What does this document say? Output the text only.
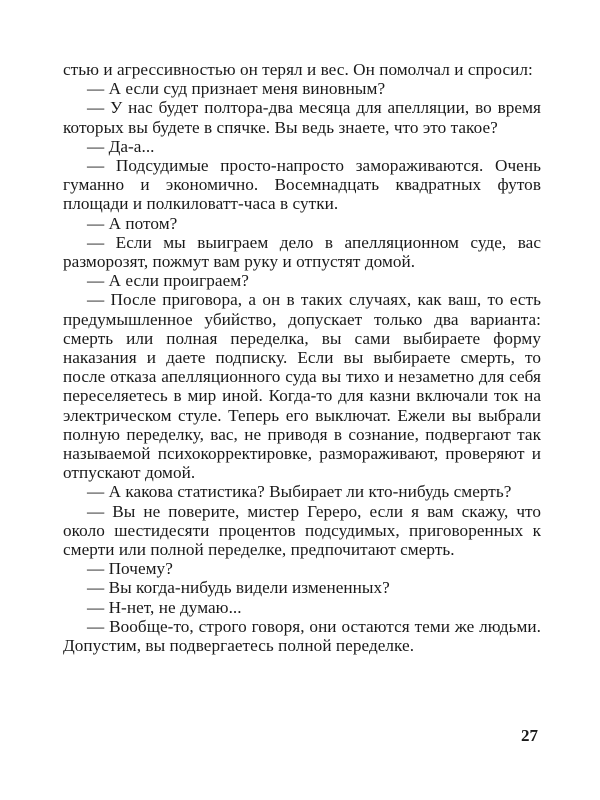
стью и агрессивностью он терял и вес. Он помолчал и спросил:

— А если суд признает меня виновным?

— У нас будет полтора-два месяца для апелляции, во время которых вы будете в спячке. Вы ведь знаете, что это такое?

— Да-а...

— Подсудимые просто-напросто замораживаются. Очень гуманно и экономично. Восемнадцать квадратных футов площади и полкиловатт-часа в сутки.

— А потом?

— Если мы выиграем дело в апелляционном суде, вас разморозят, пожмут вам руку и отпустят домой.

— А если проиграем?

— После приговора, а он в таких случаях, как ваш, то есть предумышленное убийство, допускает только два варианта: смерть или полная переделка, вы сами выбираете форму наказания и даете подписку. Если вы выбираете смерть, то после отказа апелляционного суда вы тихо и незаметно для себя переселяетесь в мир иной. Когда-то для казни включали ток на электрическом стуле. Теперь его выключат. Ежели вы выбрали полную переделку, вас, не приводя в сознание, подвергают так называемой психокорректировке, размораживают, проверяют и отпускают домой.

— А какова статистика? Выбирает ли кто-нибудь смерть?

— Вы не поверите, мистер Гереро, если я вам скажу, что около шестидесяти процентов подсудимых, приговоренных к смерти или полной переделке, предпочитают смерть.

— Почему?

— Вы когда-нибудь видели измененных?

— Н-нет, не думаю...

— Вообще-то, строго говоря, они остаются теми же людьми. Допустим, вы подвергаетесь полной переделке.

27
